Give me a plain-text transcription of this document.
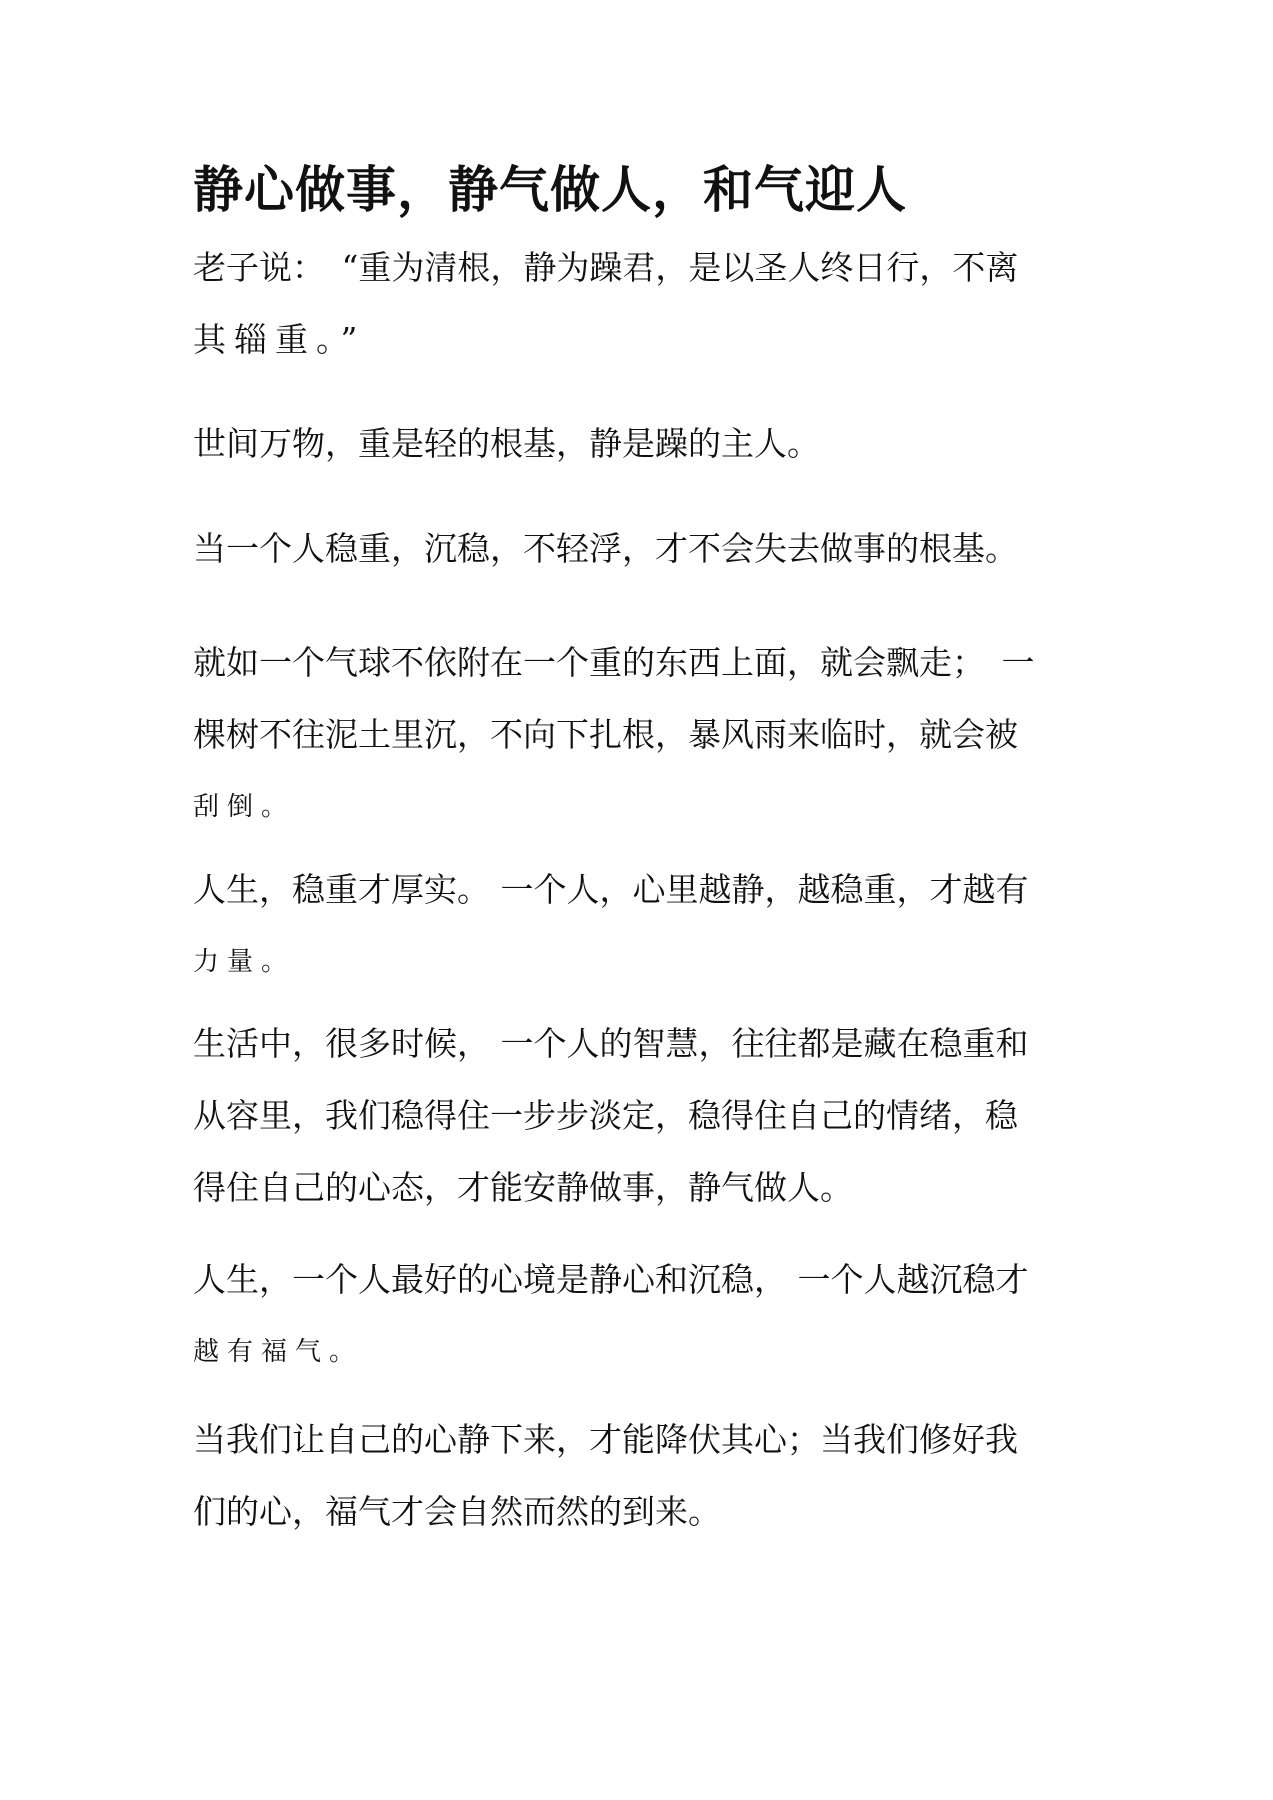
静心做事，静气做人，和气迎人

老子说：　“重为清根，静为躁君，是以圣人终日行，不离
其辎重。”

世间万物，重是轻的根基，静是躁的主人。

当一个人稳重，沉稳，不轻浮，才不会失去做事的根基。

就如一个气球不依附在一个重的东西上面，就会飘走；　一
棵树不往泥土里沉，不向下扎根，暴风雨来临时，就会被
刮倒。

人生，稳重才厚实。 一个人，心里越静，越稳重，才越有
力量。

生活中，很多时候， 一个人的智慧，往往都是藏在稳重和
从容里，我们稳得住一步步淡定，稳得住自己的情绪，稳
得住自己的心态，才能安静做事，静气做人。

人生，一个人最好的心境是静心和沉稳， 一个人越沉稳才
越有福气。

当我们让自己的心静下来，才能降伏其心；当我们修好我
们的心，福气才会自然而然的到来。
